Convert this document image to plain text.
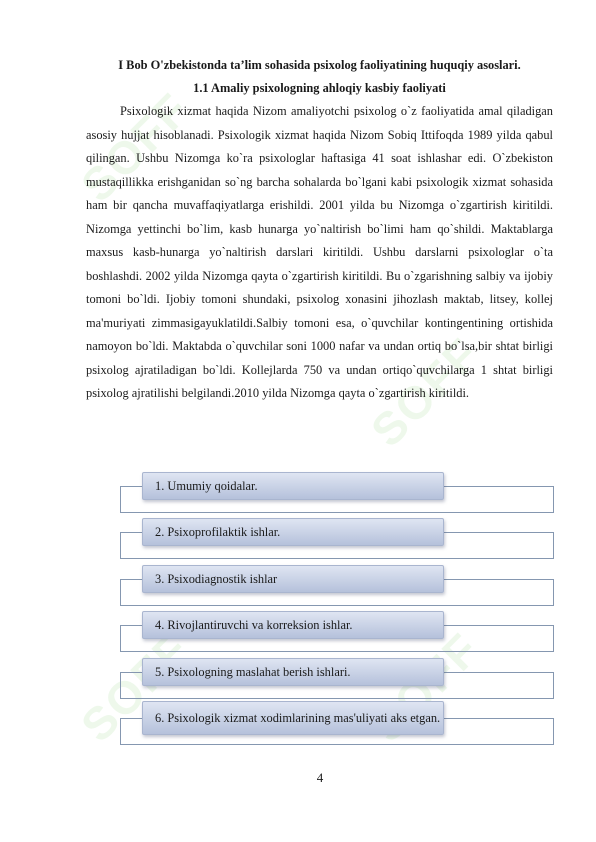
SOFF
SOFF
SOFF	SOFF
I Bob O'zbekistonda ta’lim sohasida psixolog faoliyatining huquqiy asoslari.
1.1 Amaliy psixologning ahloqiy kasbiy faoliyati
Psixologik xizmat haqida Nizom amaliyotchi psixolog o`z faoliyatida amal qiladigan asosiy hujjat hisoblanadi. Psixologik xizmat haqida Nizom Sobiq Ittifoqda 1989 yilda qabul qilingan. Ushbu Nizomga ko`ra psixologlar haftasiga 41 soat ishlashar edi. O`zbekiston mustaqillikka erishganidan so`ng barcha sohalarda bo`lgani kabi psixologik xizmat sohasida ham bir qancha muvaffaqiyatlarga erishildi. 2001 yilda bu Nizomga o`zgartirish kiritildi. Nizomga yettinchi bo`lim, kasb hunarga yo`naltirish bo`limi ham qo`shildi. Maktablarga maxsus kasb-hunarga yo`naltirish darslari kiritildi. Ushbu darslarni psixologlar o`ta boshlashdi. 2002 yilda Nizomga qayta o`zgartirish kiritildi. Bu o`zgarishning salbiy va ijobiy tomoni bo`ldi. Ijobiy tomoni shundaki, psixolog xonasini jihozlash maktab, litsey, kollej ma'muriyati zimmasigayuklatildi.Salbiy tomoni esa, o`quvchilar kontingentining ortishida namoyon bo`ldi. Maktabda o`quvchilar soni 1000 nafar va undan ortiq bo`lsa,bir shtat birligi psixolog ajratiladigan bo`ldi. Kollejlarda 750 va undan ortiqo`quvchilarga 1 shtat birligi psixolog ajratilishi belgilandi.2010 yilda Nizomga qayta o`zgartirish kiritildi.
1. Umumiy qoidalar.
2. Psixoprofilaktik ishlar.
3. Psixodiagnostik ishlar
4. Rivojlantiruvchi va korreksion ishlar.
5. Psixologning maslahat berish ishlari.
6. Psixologik xizmat xodimlarining mas'uliyati aks etgan.
4
